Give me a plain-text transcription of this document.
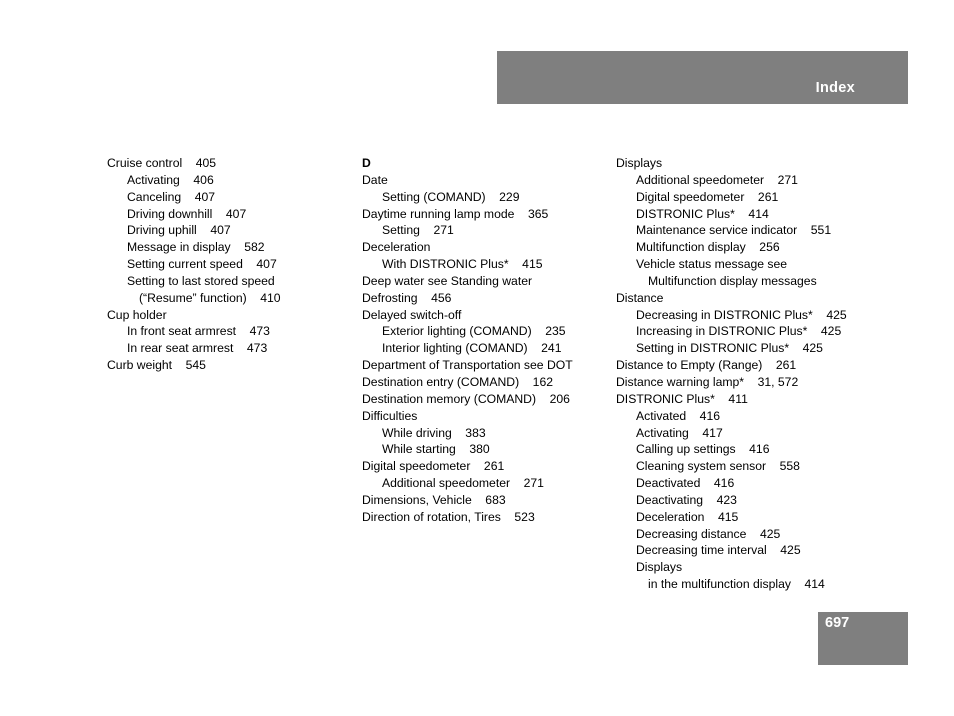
Index
Cruise control    405
Activating    406
Canceling    407
Driving downhill    407
Driving uphill    407
Message in display    582
Setting current speed    407
Setting to last stored speed
(“Resume” function)    410
Cup holder
In front seat armrest    473
In rear seat armrest    473
Curb weight    545
D
Date
Setting (COMAND)    229
Daytime running lamp mode    365
Setting    271
Deceleration
With DISTRONIC Plus*    415
Deep water see Standing water
Defrosting    456
Delayed switch-off
Exterior lighting (COMAND)    235
Interior lighting (COMAND)    241
Department of Transportation see DOT
Destination entry (COMAND)    162
Destination memory (COMAND)    206
Difficulties
While driving    383
While starting    380
Digital speedometer    261
Additional speedometer    271
Dimensions, Vehicle    683
Direction of rotation, Tires    523
Displays
Additional speedometer    271
Digital speedometer    261
DISTRONIC Plus*    414
Maintenance service indicator    551
Multifunction display    256
Vehicle status message see
Multifunction display messages
Distance
Decreasing in DISTRONIC Plus*    425
Increasing in DISTRONIC Plus*    425
Setting in DISTRONIC Plus*    425
Distance to Empty (Range)    261
Distance warning lamp*    31, 572
DISTRONIC Plus*    411
Activated    416
Activating    417
Calling up settings    416
Cleaning system sensor    558
Deactivated    416
Deactivating    423
Deceleration    415
Decreasing distance    425
Decreasing time interval    425
Displays
in the multifunction display    414
697
